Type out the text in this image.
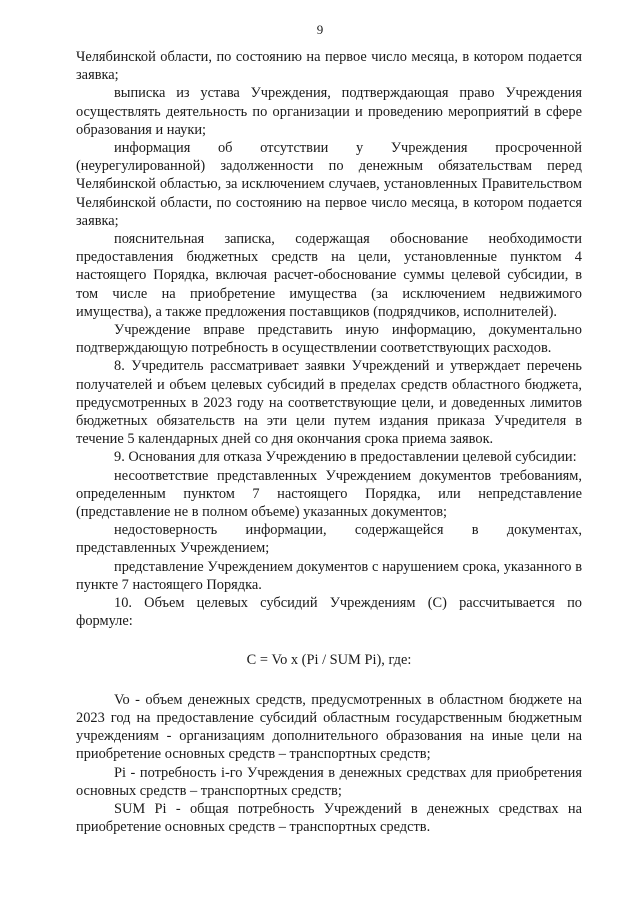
9

Челябинской области, по состоянию на первое число месяца, в котором подается заявка;

выписка из устава Учреждения, подтверждающая право Учреждения осуществлять деятельность по организации и проведению мероприятий в сфере образования и науки;

информация об отсутствии у Учреждения просроченной (неурегулированной) задолженности по денежным обязательствам перед Челябинской областью, за исключением случаев, установленных Правительством Челябинской области, по состоянию на первое число месяца, в котором подается заявка;

пояснительная записка, содержащая обоснование необходимости предоставления бюджетных средств на цели, установленные пунктом 4 настоящего Порядка, включая расчет-обоснование суммы целевой субсидии, в том числе на приобретение имущества (за исключением недвижимого имущества), а также предложения поставщиков (подрядчиков, исполнителей).

Учреждение вправе представить иную информацию, документально подтверждающую потребность в осуществлении соответствующих расходов.

8. Учредитель рассматривает заявки Учреждений и утверждает перечень получателей и объем целевых субсидий в пределах средств областного бюджета, предусмотренных в 2023 году на соответствующие цели, и доведенных лимитов бюджетных обязательств на эти цели путем издания приказа Учредителя в течение 5 календарных дней со дня окончания срока приема заявок.

9. Основания для отказа Учреждению в предоставлении целевой субсидии:

несоответствие представленных Учреждением документов требованиям, определенным пунктом 7 настоящего Порядка, или непредставление (представление не в полном объеме) указанных документов;

недостоверность информации, содержащейся в документах, представленных Учреждением;

представление Учреждением документов с нарушением срока, указанного в пункте 7 настоящего Порядка.

10. Объем целевых субсидий Учреждениям (С) рассчитывается по формуле:

С = Vo x (Pi / SUM Pi), где:

Vo - объем денежных средств, предусмотренных в областном бюджете на 2023 год на предоставление субсидий областным государственным бюджетным учреждениям - организациям дополнительного образования на иные цели на приобретение основных средств – транспортных средств;

Pi - потребность i-го Учреждения в денежных средствах для приобретения основных средств – транспортных средств;

SUM Pi - общая потребность Учреждений в денежных средствах на приобретение основных средств – транспортных средств.
